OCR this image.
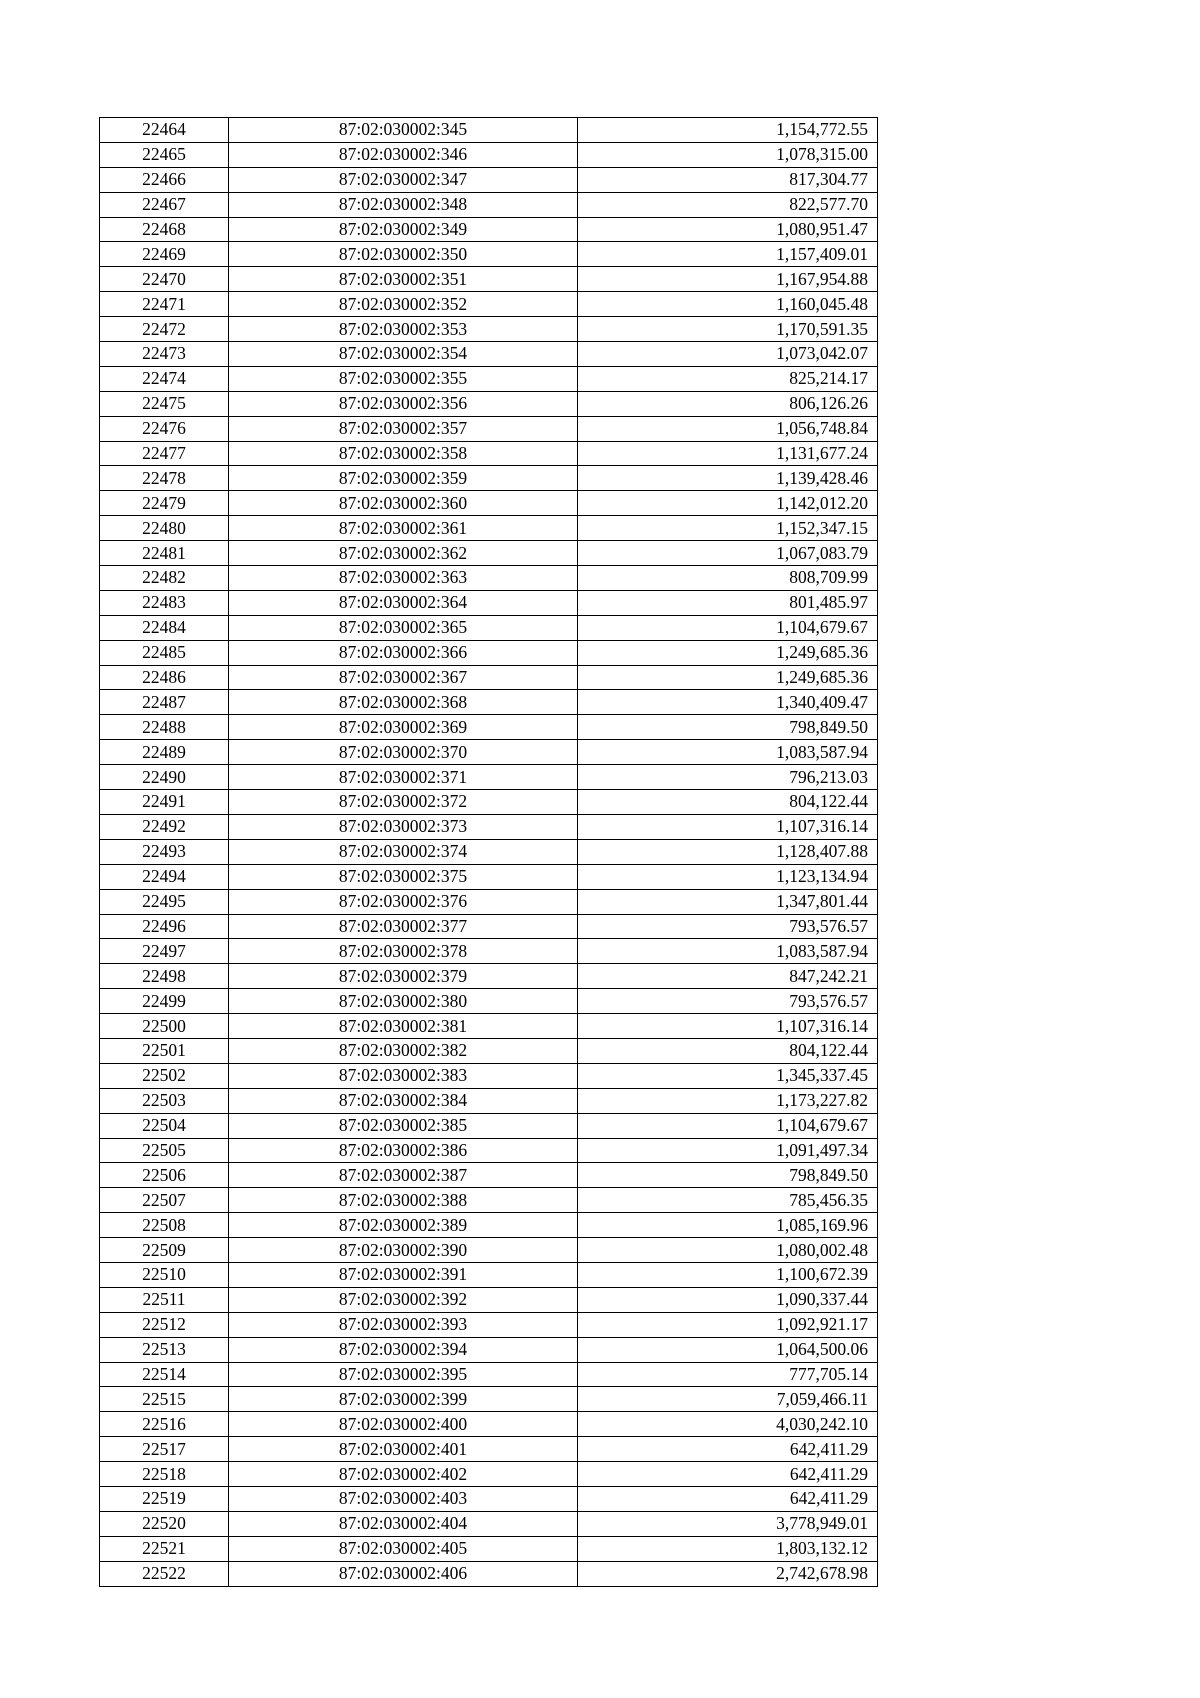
22464	87:02:030002:345	1,154,772.55
22465	87:02:030002:346	1,078,315.00
22466	87:02:030002:347	817,304.77
22467	87:02:030002:348	822,577.70
22468	87:02:030002:349	1,080,951.47
22469	87:02:030002:350	1,157,409.01
22470	87:02:030002:351	1,167,954.88
22471	87:02:030002:352	1,160,045.48
22472	87:02:030002:353	1,170,591.35
22473	87:02:030002:354	1,073,042.07
22474	87:02:030002:355	825,214.17
22475	87:02:030002:356	806,126.26
22476	87:02:030002:357	1,056,748.84
22477	87:02:030002:358	1,131,677.24
22478	87:02:030002:359	1,139,428.46
22479	87:02:030002:360	1,142,012.20
22480	87:02:030002:361	1,152,347.15
22481	87:02:030002:362	1,067,083.79
22482	87:02:030002:363	808,709.99
22483	87:02:030002:364	801,485.97
22484	87:02:030002:365	1,104,679.67
22485	87:02:030002:366	1,249,685.36
22486	87:02:030002:367	1,249,685.36
22487	87:02:030002:368	1,340,409.47
22488	87:02:030002:369	798,849.50
22489	87:02:030002:370	1,083,587.94
22490	87:02:030002:371	796,213.03
22491	87:02:030002:372	804,122.44
22492	87:02:030002:373	1,107,316.14
22493	87:02:030002:374	1,128,407.88
22494	87:02:030002:375	1,123,134.94
22495	87:02:030002:376	1,347,801.44
22496	87:02:030002:377	793,576.57
22497	87:02:030002:378	1,083,587.94
22498	87:02:030002:379	847,242.21
22499	87:02:030002:380	793,576.57
22500	87:02:030002:381	1,107,316.14
22501	87:02:030002:382	804,122.44
22502	87:02:030002:383	1,345,337.45
22503	87:02:030002:384	1,173,227.82
22504	87:02:030002:385	1,104,679.67
22505	87:02:030002:386	1,091,497.34
22506	87:02:030002:387	798,849.50
22507	87:02:030002:388	785,456.35
22508	87:02:030002:389	1,085,169.96
22509	87:02:030002:390	1,080,002.48
22510	87:02:030002:391	1,100,672.39
22511	87:02:030002:392	1,090,337.44
22512	87:02:030002:393	1,092,921.17
22513	87:02:030002:394	1,064,500.06
22514	87:02:030002:395	777,705.14
22515	87:02:030002:399	7,059,466.11
22516	87:02:030002:400	4,030,242.10
22517	87:02:030002:401	642,411.29
22518	87:02:030002:402	642,411.29
22519	87:02:030002:403	642,411.29
22520	87:02:030002:404	3,778,949.01
22521	87:02:030002:405	1,803,132.12
22522	87:02:030002:406	2,742,678.98
